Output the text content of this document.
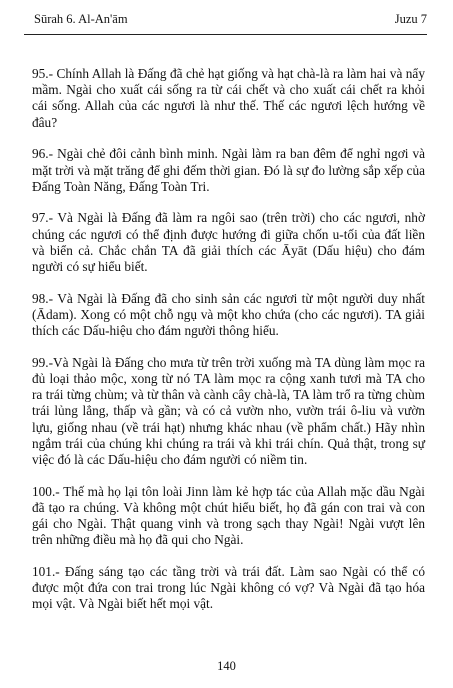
Sūrah 6. Al-An'ām	Juzu 7

95.- Chính Allah là Đấng đã chẻ hạt giống và hạt chà-là ra làm hai và nẩy mầm. Ngài cho xuất cái sống ra từ cái chết và cho xuất cái chết ra khỏi cái sống. Allah của các ngươi là như thế. Thế các ngươi lệch hướng về đâu?

96.- Ngài chẻ đôi cảnh bình minh. Ngài làm ra ban đêm để nghỉ ngơi và mặt trời và mặt trăng để ghi đếm thời gian. Đó là sự đo lường sắp xếp của Đấng Toàn Năng, Đấng Toàn Tri.

97.- Và Ngài là Đấng đã làm ra ngôi sao (trên trời) cho các ngươi, nhờ chúng các ngươi có thể định được hướng đi giữa chốn u-tối của đất liền và biển cả. Chắc chắn TA đã giải thích các Āyāt (Dấu hiệu) cho đám người có sự hiểu biết.

98.- Và Ngài là Đấng đã cho sinh sản các ngươi từ một người duy nhất (Ādam). Xong có một chỗ ngụ và một kho chứa (cho các ngươi). TA giải thích các Dấu-hiệu cho đám người thông hiểu.

99.-Và Ngài là Đấng cho mưa từ trên trời xuống mà TA dùng làm mọc ra đủ loại thảo mộc, xong từ nó TA làm mọc ra cộng xanh tươi mà TA cho ra trái từng chùm; và từ thân và cành cây chà-là, TA làm trổ ra từng chùm trái lủng lẳng, thấp và gần; và có cả vườn nho, vườn trái ô-liu và vườn lựu, giống nhau (về trái hạt) nhưng khác nhau (về phẩm chất.) Hãy nhìn ngắm trái của chúng khi chúng ra trái và khi trái chín. Quả thật, trong sự việc đó là các Dấu-hiệu cho đám người có niềm tin.

100.- Thế mà họ lại tôn loài Jinn làm kẻ hợp tác của Allah mặc dầu Ngài đã tạo ra chúng. Và không một chút hiểu biết, họ đã gán con trai và con gái cho Ngài. Thật quang vinh và trong sạch thay Ngài! Ngài vượt lên trên những điều mà họ đã qui cho Ngài.

101.- Đấng sáng tạo các tầng trời và trái đất. Làm sao Ngài có thể có được một đứa con trai trong lúc Ngài không có vợ? Và Ngài đã tạo hóa mọi vật. Và Ngài biết hết mọi vật.

140
